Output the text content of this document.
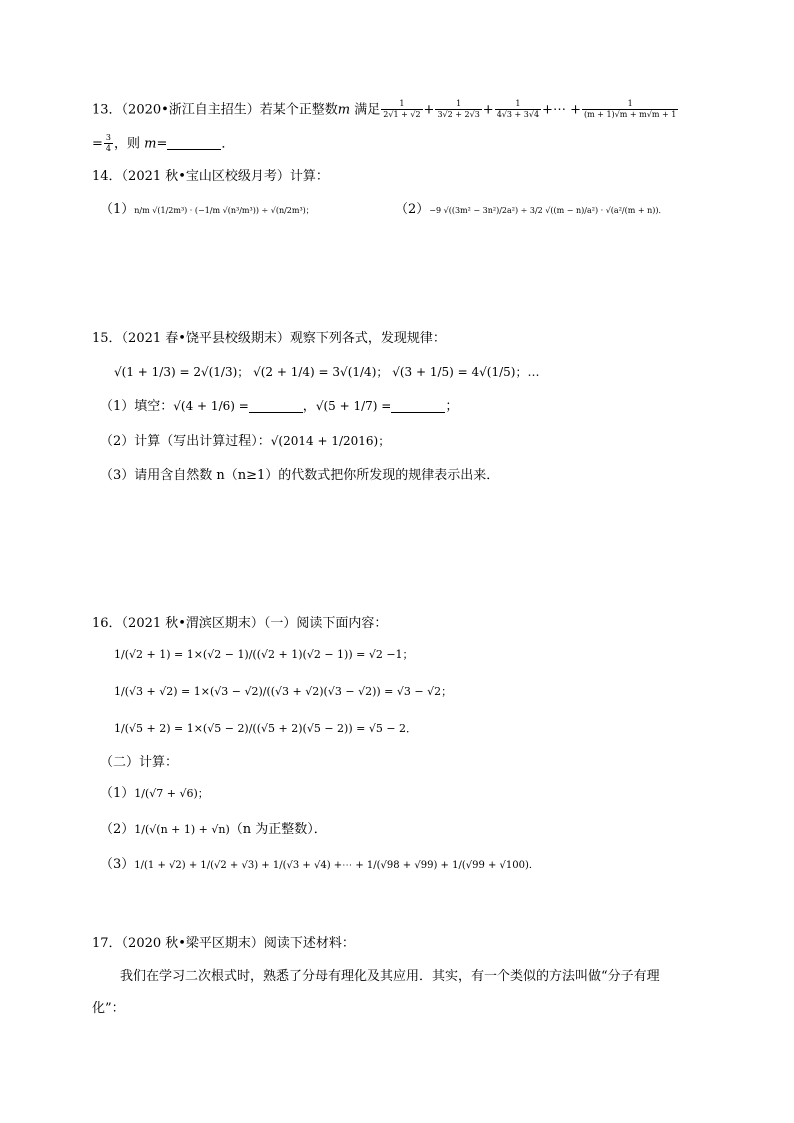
13．（2020•浙江自主招生）若某个正整数m 满足 $\frac{1}{2√1 + √2} + \frac{1}{3√2 + 2√3} + \frac{1}{4√3 + 3√4}$ +⋯ + $\frac{1}{(m + 1)√m + m√m + 1}$
= $\frac{3}{4}$ ，则 m=	．
14．（2021 秋•宝山区校级月考）计算：
（1）n/m √(1/2m³) · (−1/m √(n³/m³)) ÷ √(n/2m³)；	（2）−9 √((3m² − 3n²)/2a²) ÷ 3/2 √((m − n)/a²) · √(a²/(m + n))．
15．（2021 春•饶平县校级期末）观察下列各式，发现规律：
√(1 + 1/3) = 2√(1/3)； √(2 + 1/4) = 3√(1/4)； √(3 + 1/5) = 4√(1/5)；…
（1）填空：√(4 + 1/6) =	，√(5 + 1/7) =	；
（2）计算（写出计算过程）：√(2014 + 1/2016)；
（3）请用含自然数 n（n≥1）的代数式把你所发现的规律表示出来．
16．（2021 秋•渭滨区期末）（一）阅读下面内容：
1/(√2 + 1) = 1×(√2 − 1)/((√2 + 1)(√2 − 1)) = √2 −1；
1/(√3 + √2) = 1×(√3 − √2)/((√3 + √2)(√3 − √2)) = √3 − √2；
1/(√5 + 2) = 1×(√5 − 2)/((√5 + 2)(√5 − 2)) = √5 − 2．
（二）计算：
（1）1/(√7 + √6)；
（2）1/(√(n + 1) + √n)（n 为正整数）．
（3）1/(1 + √2) + 1/(√2 + √3) + 1/(√3 + √4) +⋯ + 1/(√98 + √99) + 1/(√99 + √100)．
17．（2020 秋•梁平区期末）阅读下述材料：
我们在学习二次根式时，熟悉了分母有理化及其应用．其实，有一个类似的方法叫做“分子有理
化”：
